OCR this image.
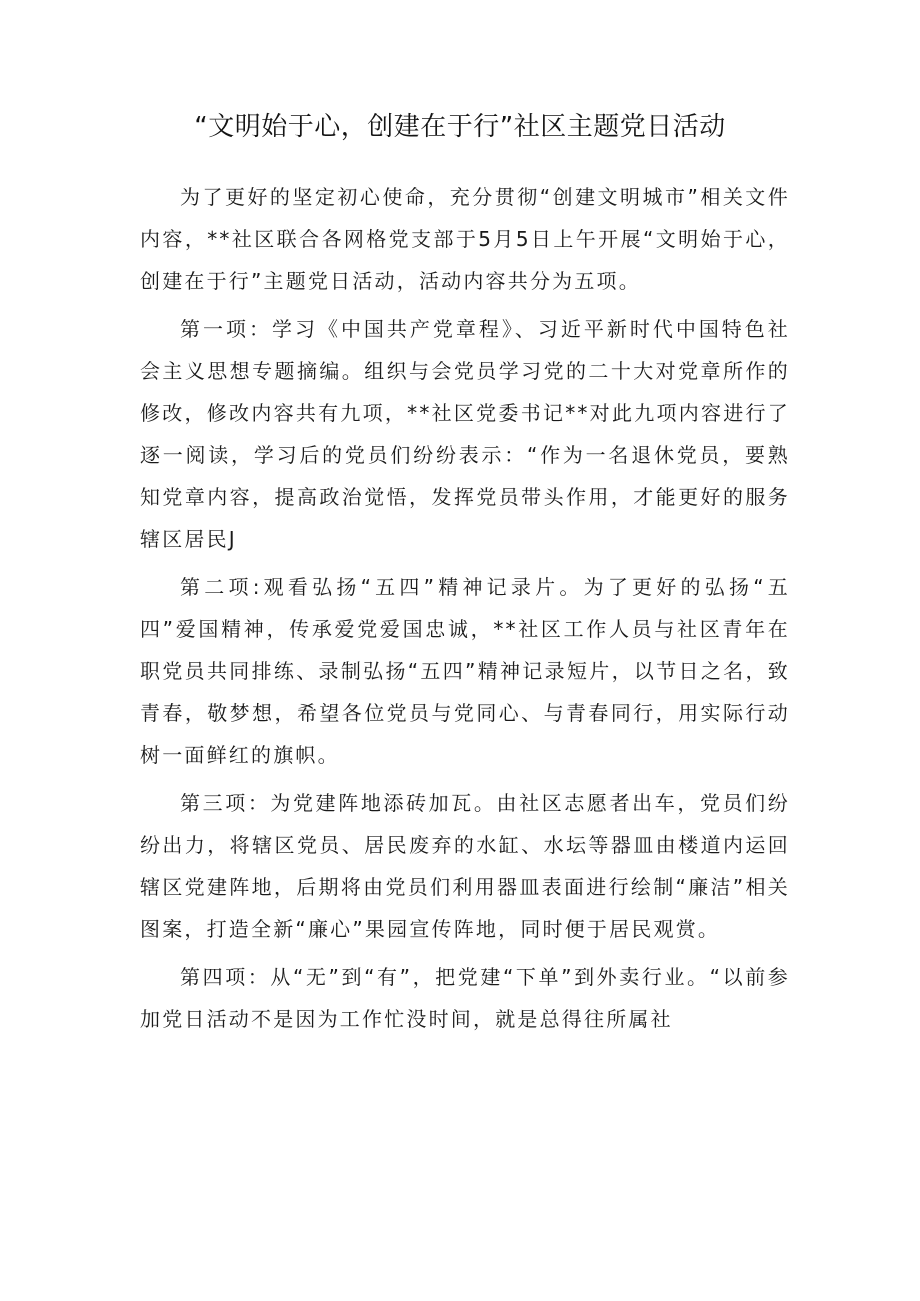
“文明始于心，创建在于行”社区主题党日活动

为了更好的坚定初心使命，充分贯彻“创建文明城市”相关文件内容，**社区联合各网格党支部于5月5日上午开展“文明始于心，创建在于行”主题党日活动，活动内容共分为五项。

第一项：学习《中国共产党章程》、习近平新时代中国特色社会主义思想专题摘编。组织与会党员学习党的二十大对党章所作的修改，修改内容共有九项，**社区党委书记**对此九项内容进行了逐一阅读，学习后的党员们纷纷表示：“作为一名退休党员，要熟知党章内容，提高政治觉悟，发挥党员带头作用，才能更好的服务辖区居民J

第二项:观看弘扬“五四”精神记录片。为了更好的弘扬“五四”爱国精神，传承爱党爱国忠诚，**社区工作人员与社区青年在职党员共同排练、录制弘扬“五四”精神记录短片，以节日之名，致青春，敬梦想，希望各位党员与党同心、与青春同行，用实际行动树一面鲜红的旗帜。

第三项：为党建阵地添砖加瓦。由社区志愿者出车，党员们纷纷出力，将辖区党员、居民废弃的水缸、水坛等器皿由楼道内运回辖区党建阵地，后期将由党员们利用器皿表面进行绘制“廉洁”相关图案，打造全新“廉心”果园宣传阵地，同时便于居民观赏。

第四项：从“无”到“有”，把党建“下单”到外卖行业。“以前参加党日活动不是因为工作忙没时间，就是总得往所属社
